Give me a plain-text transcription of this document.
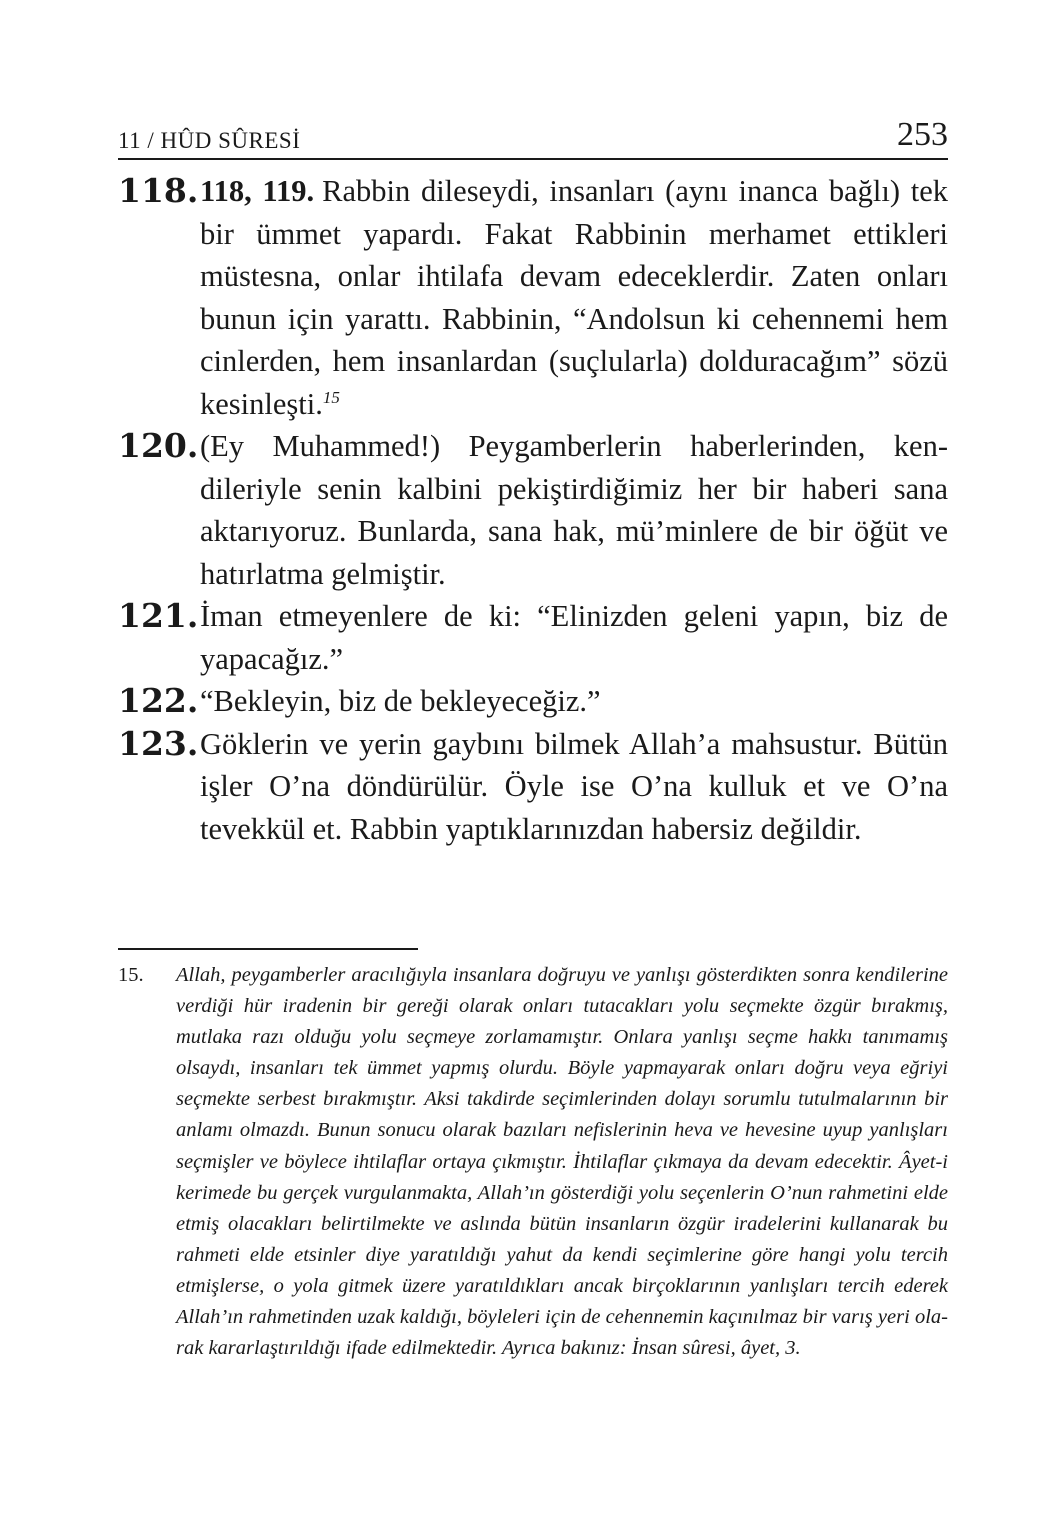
11 / HÛD SÛRESİ	253
118. 118, 119. Rabbin dileseydi, insanları (aynı inanca bağlı) tek bir ümmet yapardı. Fakat Rabbinin merhamet ettikleri müstesna, onlar ihtilafa devam edeceklerdir. Zaten onları bunun için yarattı. Rabbinin, “Andolsun ki cehennemi hem cinlerden, hem insanlardan (suçlularla) dolduracağım” sözü kesinleşti.$^{15}$
120. (Ey Muhammed!) Peygamberlerin haberlerinden, kendileriyle senin kalbini pekiştirdiğimiz her bir haberi sana aktarıyoruz. Bunlarda, sana hak, mü’minlere de bir öğüt ve hatırlatma gelmiştir.
121. İman etmeyenlere de ki: “Elinizden geleni yapın, biz de yapacağız.”
122. “Bekleyin, biz de bekleyeceğiz.”
123. Göklerin ve yerin gaybını bilmek Allah’a mahsustur. Bütün işler O’na döndürülür. Öyle ise O’na kulluk et ve O’na tevekkül et. Rabbin yaptıklarınızdan habersiz değildir.
15. Allah, peygamberler aracılığıyla insanlara doğruyu ve yanlışı gösterdikten sonra kendilerine verdiği hür iradenin bir gereği olarak onları tutacakları yolu seçmekte özgür bırakmış, mutlaka razı olduğu yolu seçmeye zorlamamıştır. Onlara yanlışı seçme hakkı tanımamış olsaydı, insanları tek ümmet yapmış olurdu. Böyle yapmayarak onları doğru veya eğriyi seçmekte serbest bırakmıştır. Aksi takdirde seçimlerinden dolayı sorumlu tutulmalarının bir anlamı olmazdı. Bunun sonucu olarak bazıları nefislerinin heva ve hevesine uyup yanlışları seçmişler ve böylece ihtilaflar ortaya çıkmıştır. İhtilaflar çıkmaya da devam edecektir. Âyet-i kerimede bu gerçek vurgulanmakta, Allah’ın gösterdiği yolu seçenlerin O’nun rahmetini elde etmiş olacakları belirtilmekte ve aslında bütün insanların özgür iradelerini kullanarak bu rahmeti elde etsinler diye yaratıldığı yahut da kendi seçimlerine göre hangi yolu tercih etmişlerse, o yola gitmek üzere yaratıldıkları ancak birçoklarının yanlışları tercih ederek Allah’ın rahmetinden uzak kaldığı, böyleleri için de cehennemin kaçınılmaz bir varış yeri olarak kararlaştırıldığı ifade edilmektedir. Ayrıca bakınız: İnsan sûresi, âyet, 3.
